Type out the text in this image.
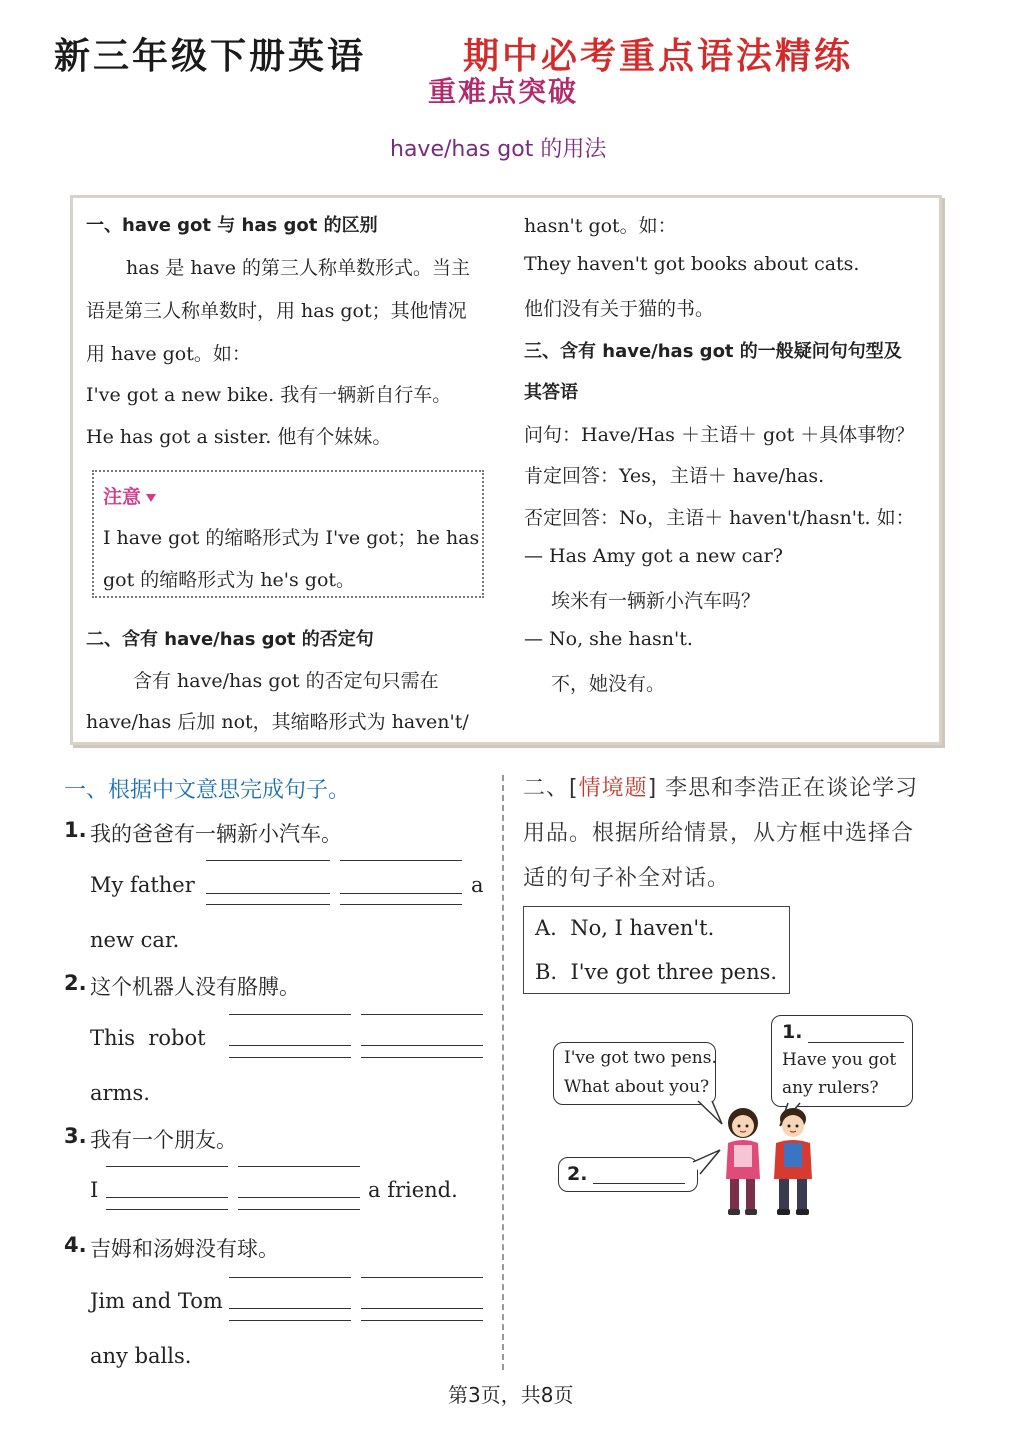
新三年级下册英语	期中必考重点语法精练
重难点突破
have/has got 的用法
一、have got 与 has got 的区别
has 是 have 的第三人称单数形式。当主
语是第三人称单数时，用 has got；其他情况
用 have got。如：
I've got a new bike. 我有一辆新自行车。
He has got a sister. 他有个妹妹。
注意
I have got 的缩略形式为 I've got；he has
got 的缩略形式为 he's got。
二、含有 have/has got 的否定句
含有 have/has got 的否定句只需在
have/has 后加 not，其缩略形式为 haven't/
hasn't got。如：
They haven't got books about cats.
他们没有关于猫的书。
三、含有 have/has got 的一般疑问句句型及
其答语
问句：Have/Has ＋主语＋ got ＋具体事物？
肯定回答：Yes，主语＋ have/has.
否定回答：No，主语＋ haven't/hasn't. 如：
— Has Amy got a new car?
埃米有一辆新小汽车吗？
— No, she hasn't.
不，她没有。
一、根据中文意思完成句子。
1. 我的爸爸有一辆新小汽车。
My father	a
new car.
2. 这个机器人没有胳膊。
This  robot
arms.
3. 我有一个朋友。
I	a friend.
4. 吉姆和汤姆没有球。
Jim and Tom
any balls.
二、[情境题] 李思和李浩正在谈论学习
用品。根据所给情景，从方框中选择合
适的句子补全对话。
A.  No, I haven't.
B.  I've got three pens.
I've got two pens.
What about you?
1.
Have you got
any rulers?
2.
第3页，共8页
